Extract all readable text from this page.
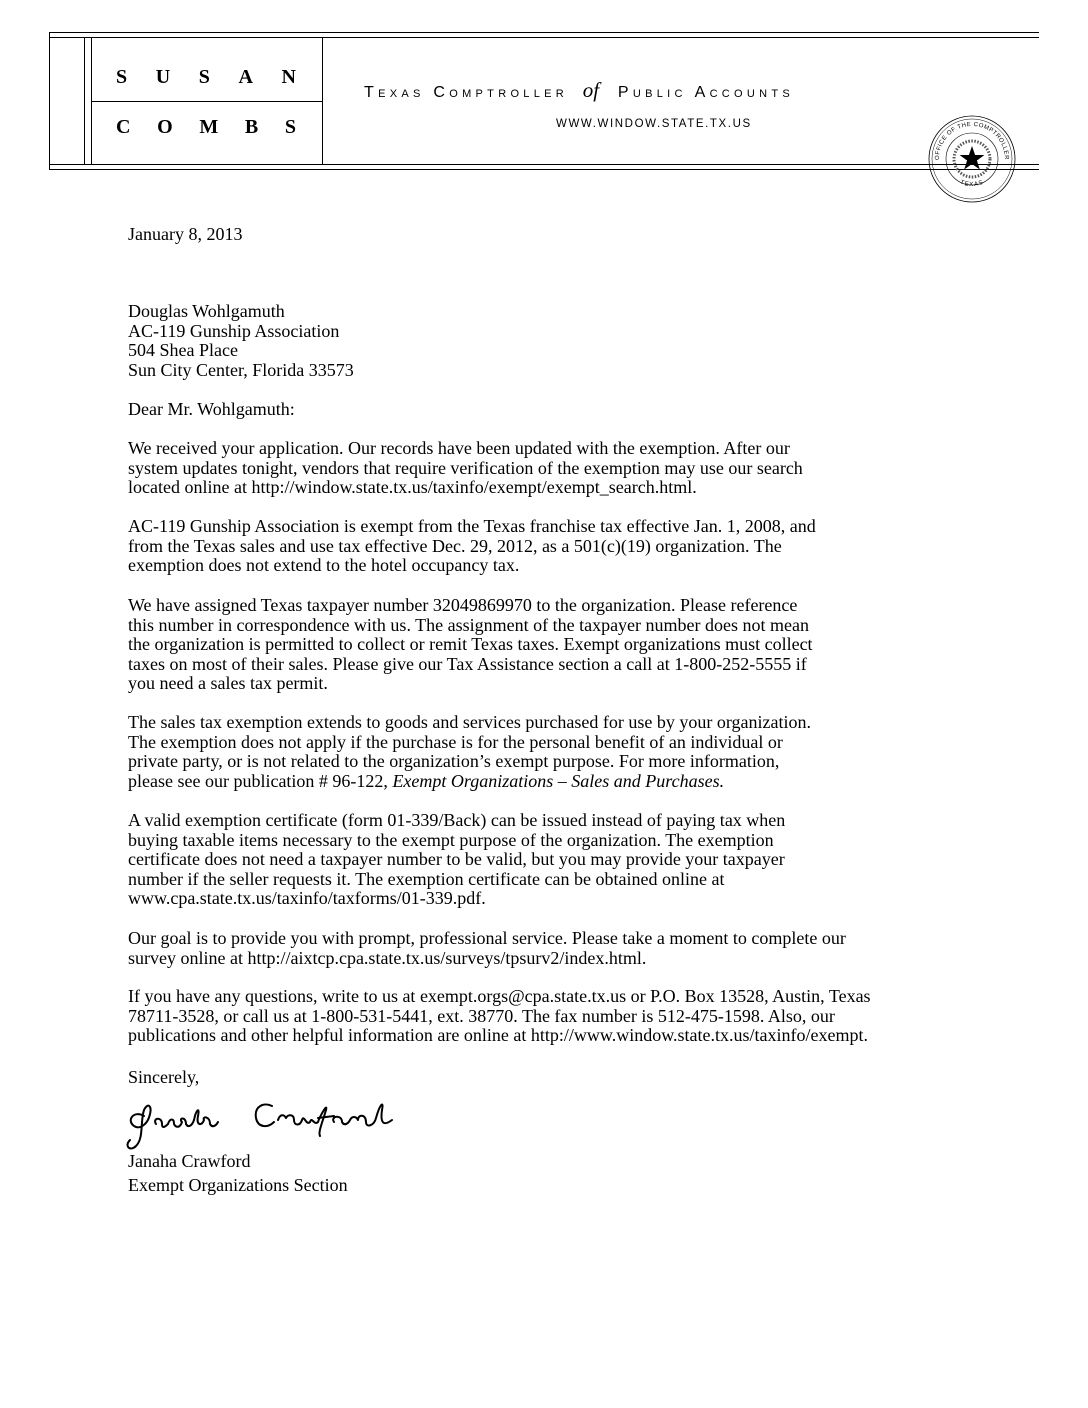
S U S A N
C O M B S
Texas Comptroller of Public Accounts
WWW.WINDOW.STATE.TX.US
OFFICE OF THE COMPTROLLER
TEXAS
January 8, 2013
Douglas Wohlgamuth
AC-119 Gunship Association
504 Shea Place
Sun City Center, Florida 33573
Dear Mr. Wohlgamuth:
We received your application. Our records have been updated with the exemption. After our
system updates tonight, vendors that require verification of the exemption may use our search
located online at http://window.state.tx.us/taxinfo/exempt/exempt_search.html.
AC-119 Gunship Association is exempt from the Texas franchise tax effective Jan. 1, 2008, and
from the Texas sales and use tax effective Dec. 29, 2012, as a 501(c)(19) organization. The
exemption does not extend to the hotel occupancy tax.
We have assigned Texas taxpayer number 32049869970 to the organization. Please reference
this number in correspondence with us. The assignment of the taxpayer number does not mean
the organization is permitted to collect or remit Texas taxes. Exempt organizations must collect
taxes on most of their sales. Please give our Tax Assistance section a call at 1-800-252-5555 if
you need a sales tax permit.
The sales tax exemption extends to goods and services purchased for use by your organization.
The exemption does not apply if the purchase is for the personal benefit of an individual or
private party, or is not related to the organization’s exempt purpose. For more information,
please see our publication # 96-122, Exempt Organizations – Sales and Purchases.
A valid exemption certificate (form 01-339/Back) can be issued instead of paying tax when
buying taxable items necessary to the exempt purpose of the organization. The exemption
certificate does not need a taxpayer number to be valid, but you may provide your taxpayer
number if the seller requests it. The exemption certificate can be obtained online at
www.cpa.state.tx.us/taxinfo/taxforms/01-339.pdf.
Our goal is to provide you with prompt, professional service. Please take a moment to complete our
survey online at http://aixtcp.cpa.state.tx.us/surveys/tpsurv2/index.html.
If you have any questions, write to us at exempt.orgs@cpa.state.tx.us or P.O. Box 13528, Austin, Texas
78711-3528, or call us at 1-800-531-5441, ext. 38770. The fax number is 512-475-1598. Also, our
publications and other helpful information are online at http://www.window.state.tx.us/taxinfo/exempt.
Sincerely,
Janaha Crawford
Exempt Organizations Section
